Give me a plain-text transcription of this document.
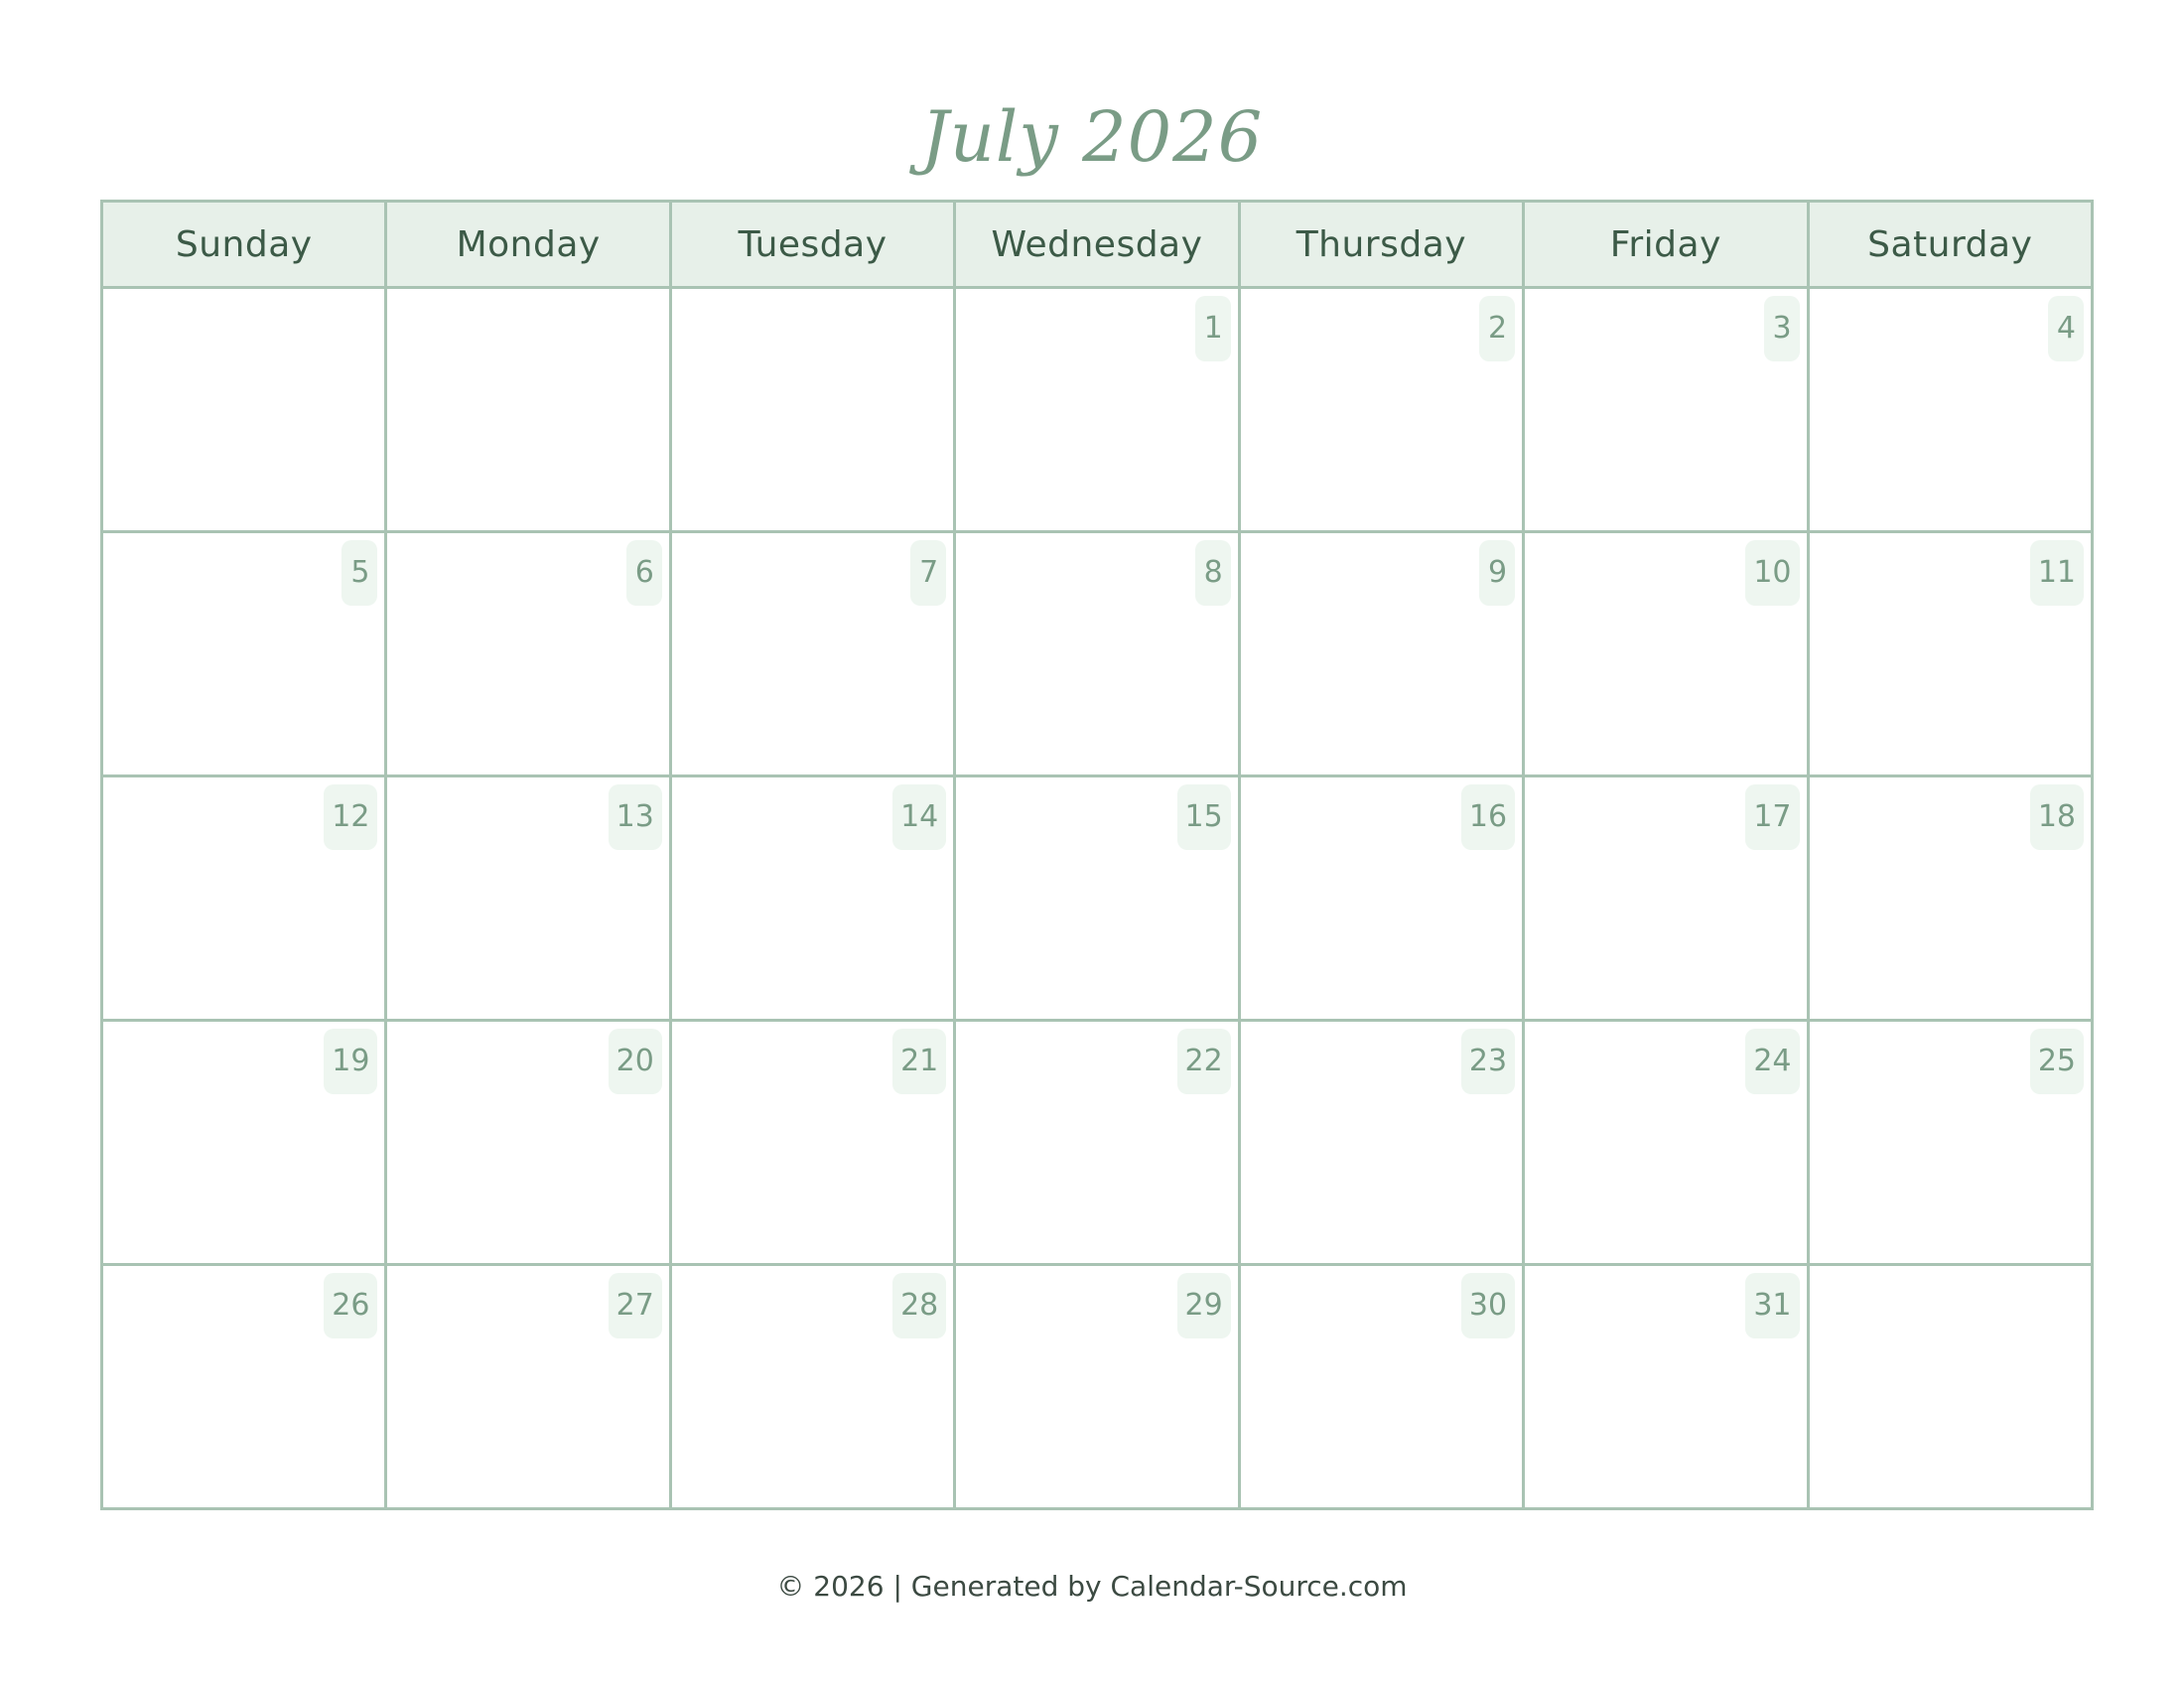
July 2026
Sunday	Monday	Tuesday	Wednesday	Thursday	Friday	Saturday

			1	2	3	4

5	6	7	8	9	10	11

12	13	14	15	16	17	18

19	20	21	22	23	24	25

26	27	28	29	30	31	

© 2026 | Generated by Calendar-Source.com
